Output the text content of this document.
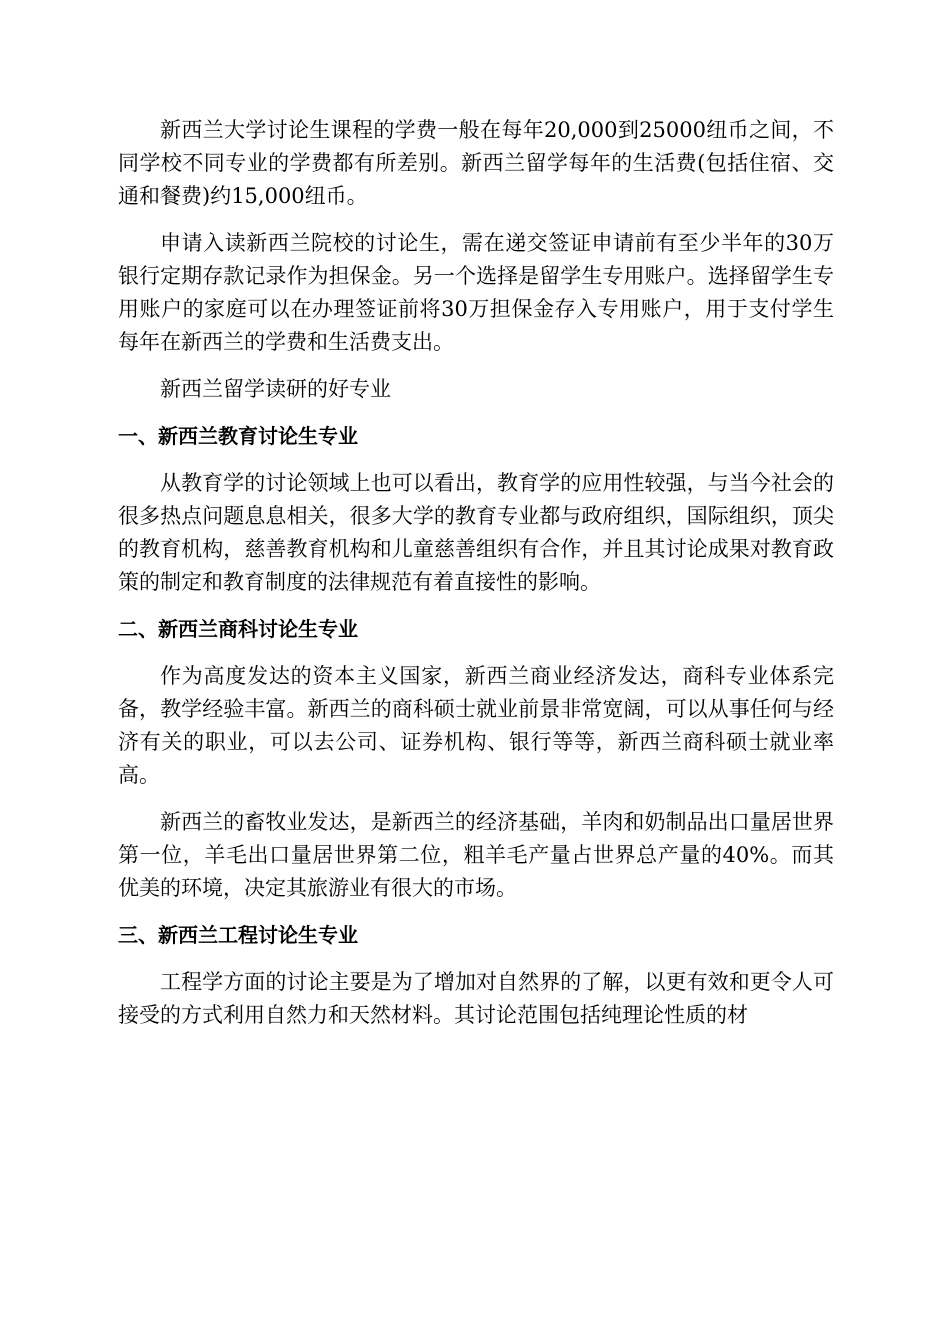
新西兰大学讨论生课程的学费一般在每年20,000到25000纽币之间，不同学校不同专业的学费都有所差别。新西兰留学每年的生活费(包括住宿、交通和餐费)约15,000纽币。

申请入读新西兰院校的讨论生，需在递交签证申请前有至少半年的30万银行定期存款记录作为担保金。另一个选择是留学生专用账户。选择留学生专用账户的家庭可以在办理签证前将30万担保金存入专用账户，用于支付学生每年在新西兰的学费和生活费支出。

新西兰留学读研的好专业

一、新西兰教育讨论生专业

从教育学的讨论领域上也可以看出，教育学的应用性较强，与当今社会的很多热点问题息息相关，很多大学的教育专业都与政府组织，国际组织，顶尖的教育机构，慈善教育机构和儿童慈善组织有合作，并且其讨论成果对教育政策的制定和教育制度的法律规范有着直接性的影响。

二、新西兰商科讨论生专业

作为高度发达的资本主义国家，新西兰商业经济发达，商科专业体系完备，教学经验丰富。新西兰的商科硕士就业前景非常宽阔，可以从事任何与经济有关的职业，可以去公司、证券机构、银行等等，新西兰商科硕士就业率高。

新西兰的畜牧业发达，是新西兰的经济基础，羊肉和奶制品出口量居世界第一位，羊毛出口量居世界第二位，粗羊毛产量占世界总产量的40%。而其优美的环境，决定其旅游业有很大的市场。

三、新西兰工程讨论生专业

工程学方面的讨论主要是为了增加对自然界的了解，以更有效和更令人可接受的方式利用自然力和天然材料。其讨论范围包括纯理论性质的材
